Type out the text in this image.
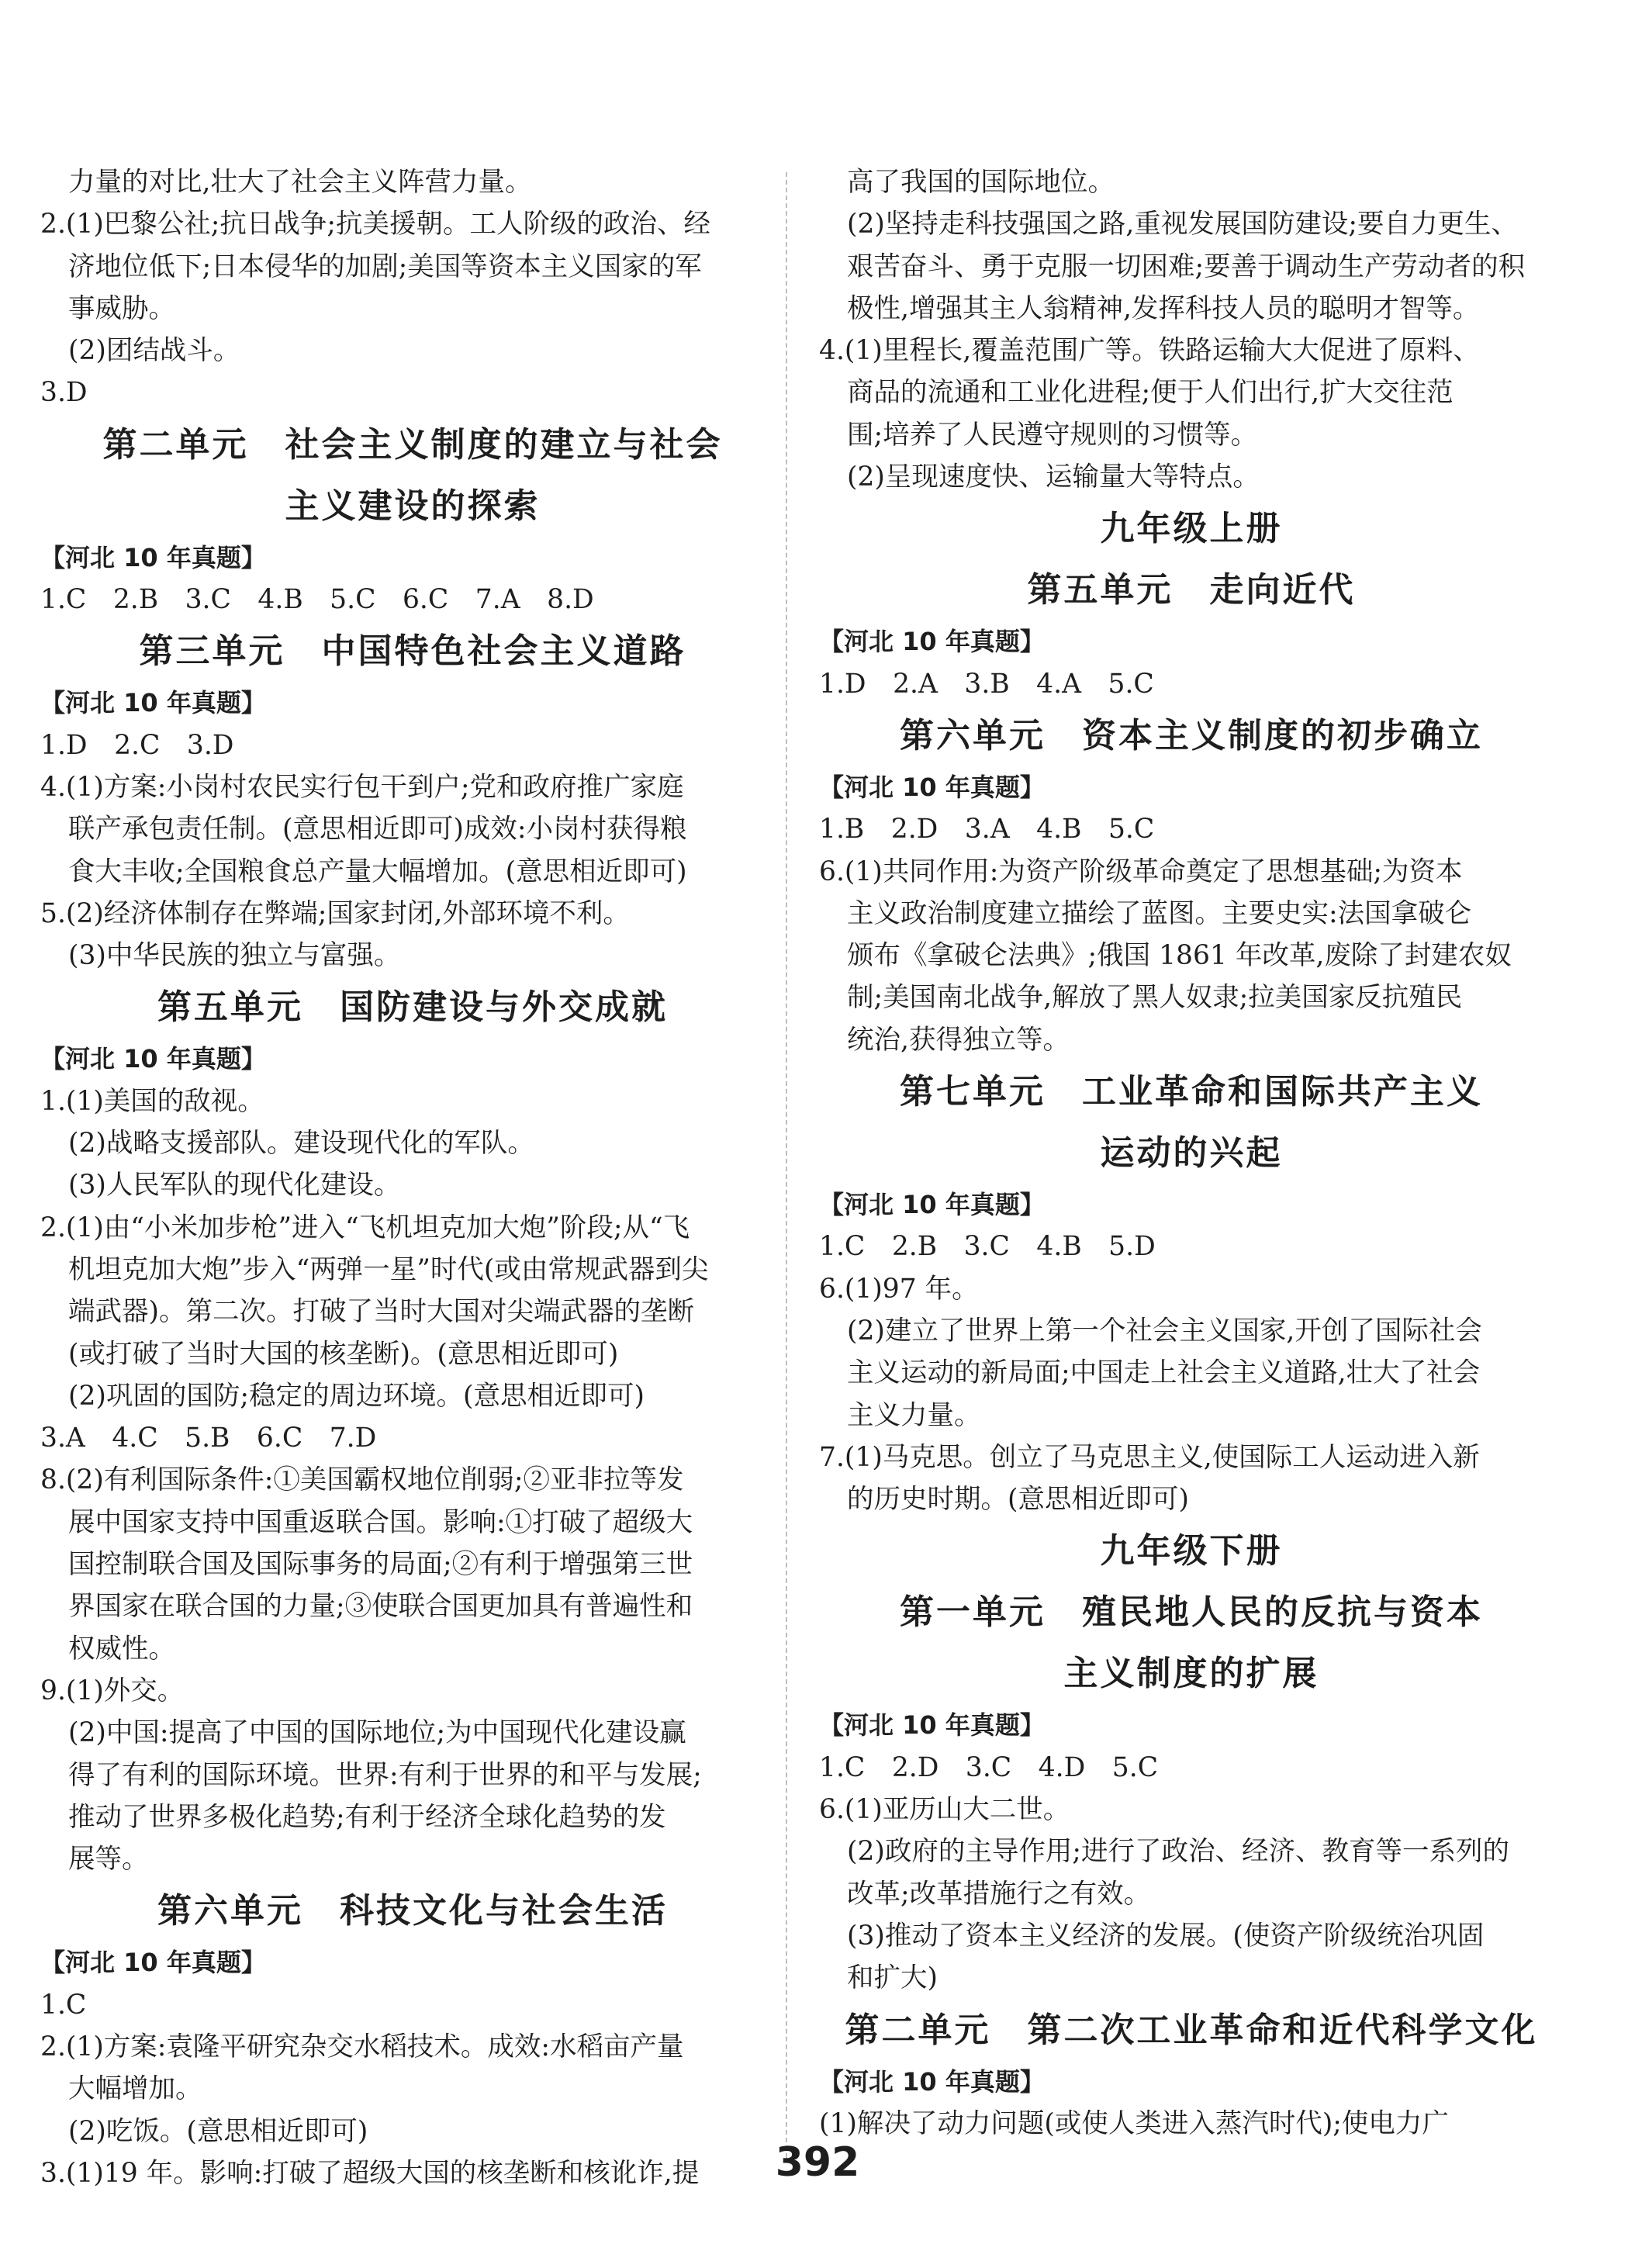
力量的对比,壮大了社会主义阵营力量。
2.(1)巴黎公社;抗日战争;抗美援朝。工人阶级的政治、经
济地位低下;日本侵华的加剧;美国等资本主义国家的军
事威胁。
(2)团结战斗。
3.D
第二单元　社会主义制度的建立与社会
主义建设的探索
【河北 10 年真题】
1.C　2.B　3.C　4.B　5.C　6.C　7.A　8.D
第三单元　中国特色社会主义道路
【河北 10 年真题】
1.D　2.C　3.D
4.(1)方案:小岗村农民实行包干到户;党和政府推广家庭
联产承包责任制。(意思相近即可)成效:小岗村获得粮
食大丰收;全国粮食总产量大幅增加。(意思相近即可)
5.(2)经济体制存在弊端;国家封闭,外部环境不利。
(3)中华民族的独立与富强。
第五单元　国防建设与外交成就
【河北 10 年真题】
1.(1)美国的敌视。
(2)战略支援部队。建设现代化的军队。
(3)人民军队的现代化建设。
2.(1)由“小米加步枪”进入“飞机坦克加大炮”阶段;从“飞
机坦克加大炮”步入“两弹一星”时代(或由常规武器到尖
端武器)。第二次。打破了当时大国对尖端武器的垄断
(或打破了当时大国的核垄断)。(意思相近即可)
(2)巩固的国防;稳定的周边环境。(意思相近即可)
3.A　4.C　5.B　6.C　7.D
8.(2)有利国际条件:①美国霸权地位削弱;②亚非拉等发
展中国家支持中国重返联合国。影响:①打破了超级大
国控制联合国及国际事务的局面;②有利于增强第三世
界国家在联合国的力量;③使联合国更加具有普遍性和
权威性。
9.(1)外交。
(2)中国:提高了中国的国际地位;为中国现代化建设赢
得了有利的国际环境。世界:有利于世界的和平与发展;
推动了世界多极化趋势;有利于经济全球化趋势的发
展等。
第六单元　科技文化与社会生活
【河北 10 年真题】
1.C
2.(1)方案:袁隆平研究杂交水稻技术。成效:水稻亩产量
大幅增加。
(2)吃饭。(意思相近即可)
3.(1)19 年。影响:打破了超级大国的核垄断和核讹诈,提
高了我国的国际地位。
(2)坚持走科技强国之路,重视发展国防建设;要自力更生、
艰苦奋斗、勇于克服一切困难;要善于调动生产劳动者的积
极性,增强其主人翁精神,发挥科技人员的聪明才智等。
4.(1)里程长,覆盖范围广等。铁路运输大大促进了原料、
商品的流通和工业化进程;便于人们出行,扩大交往范
围;培养了人民遵守规则的习惯等。
(2)呈现速度快、运输量大等特点。
九年级上册
第五单元　走向近代
【河北 10 年真题】
1.D　2.A　3.B　4.A　5.C
第六单元　资本主义制度的初步确立
【河北 10 年真题】
1.B　2.D　3.A　4.B　5.C
6.(1)共同作用:为资产阶级革命奠定了思想基础;为资本
主义政治制度建立描绘了蓝图。主要史实:法国拿破仑
颁布《拿破仑法典》;俄国 1861 年改革,废除了封建农奴
制;美国南北战争,解放了黑人奴隶;拉美国家反抗殖民
统治,获得独立等。
第七单元　工业革命和国际共产主义
运动的兴起
【河北 10 年真题】
1.C　2.B　3.C　4.B　5.D
6.(1)97 年。
(2)建立了世界上第一个社会主义国家,开创了国际社会
主义运动的新局面;中国走上社会主义道路,壮大了社会
主义力量。
7.(1)马克思。创立了马克思主义,使国际工人运动进入新
的历史时期。(意思相近即可)
九年级下册
第一单元　殖民地人民的反抗与资本
主义制度的扩展
【河北 10 年真题】
1.C　2.D　3.C　4.D　5.C
6.(1)亚历山大二世。
(2)政府的主导作用;进行了政治、经济、教育等一系列的
改革;改革措施行之有效。
(3)推动了资本主义经济的发展。(使资产阶级统治巩固
和扩大)
第二单元　第二次工业革命和近代科学文化
【河北 10 年真题】
(1)解决了动力问题(或使人类进入蒸汽时代);使电力广
392
